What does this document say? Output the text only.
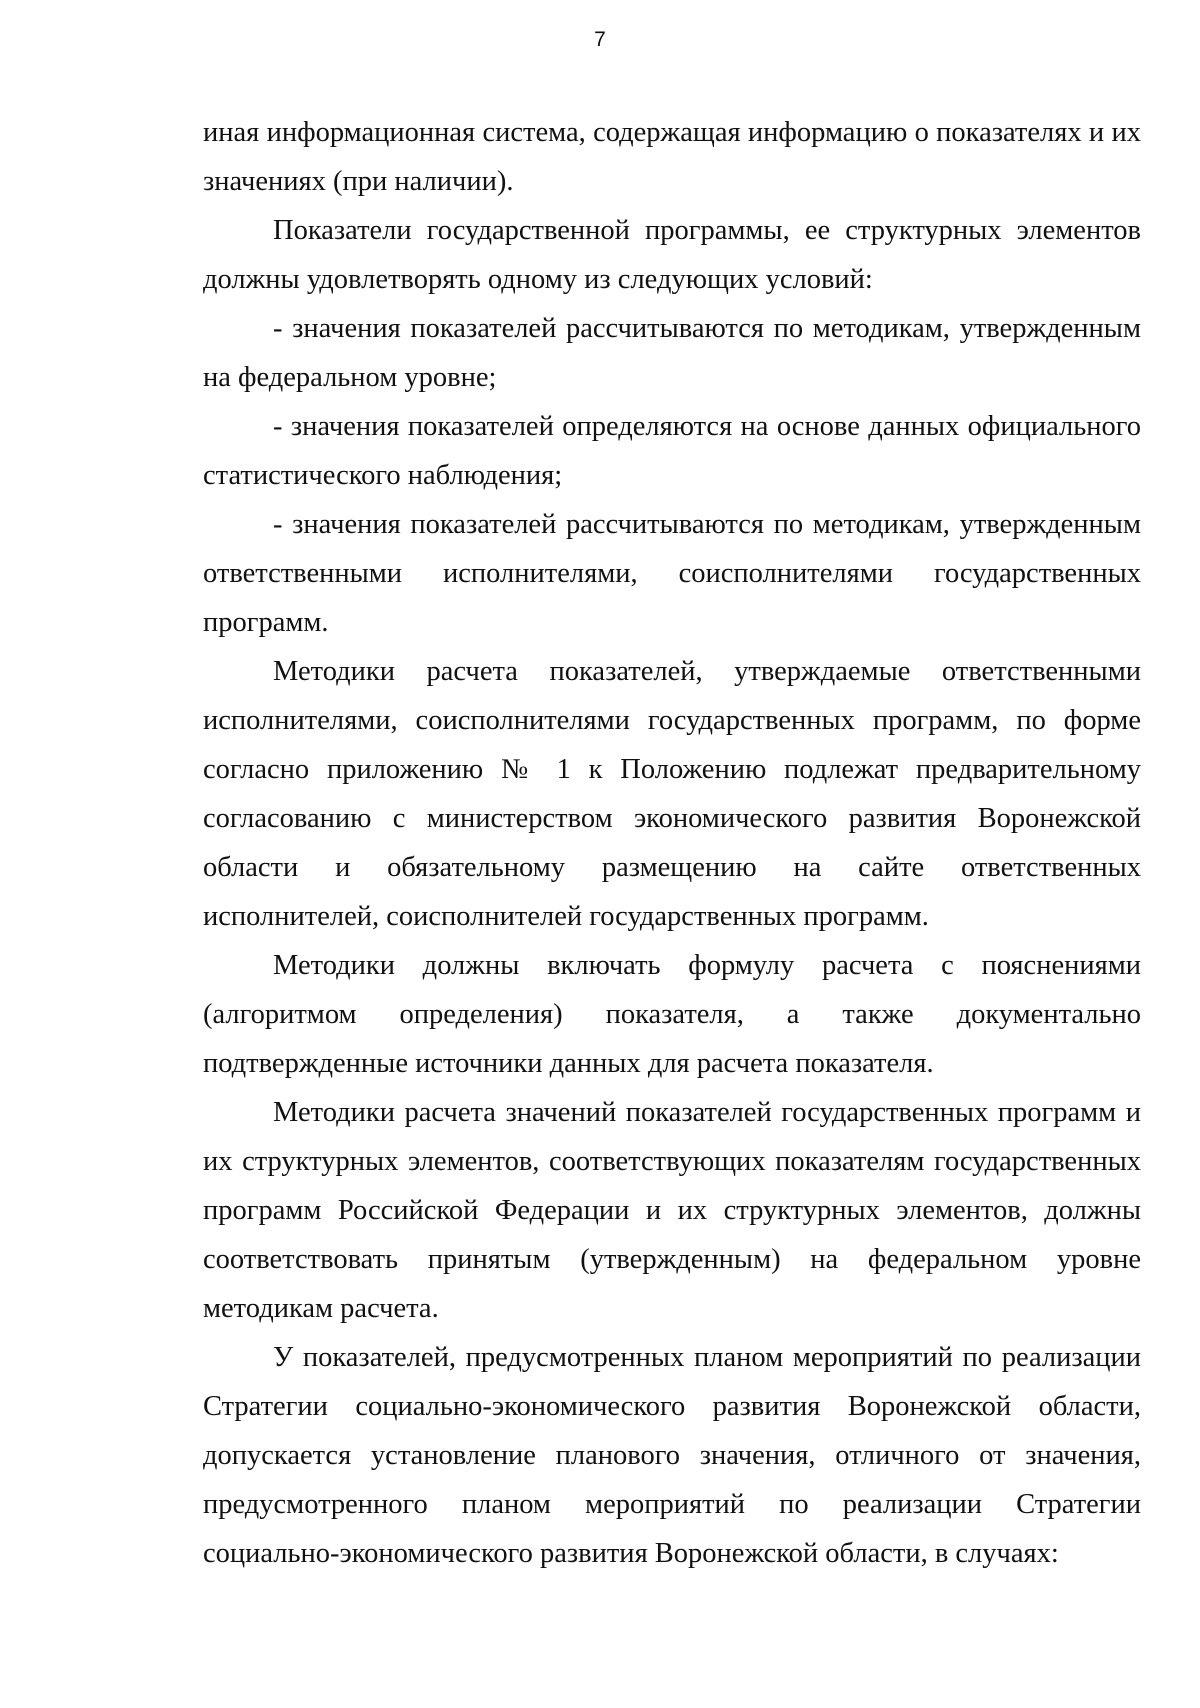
7

иная информационная система, содержащая информацию о показателях и их значениях (при наличии).

Показатели государственной программы, ее структурных элементов должны удовлетворять одному из следующих условий:

- значения показателей рассчитываются по методикам, утвержденным на федеральном уровне;

- значения показателей определяются на основе данных официального статистического наблюдения;

- значения показателей рассчитываются по методикам, утвержденным ответственными исполнителями, соисполнителями государственных программ.

Методики расчета показателей, утверждаемые ответственными исполнителями, соисполнителями государственных программ, по форме согласно приложению № 1 к Положению подлежат предварительному согласованию с министерством экономического развития Воронежской области и обязательному размещению на сайте ответственных исполнителей, соисполнителей государственных программ.

Методики должны включать формулу расчета с пояснениями (алгоритмом определения) показателя, а также документально подтвержденные источники данных для расчета показателя.

Методики расчета значений показателей государственных программ и их структурных элементов, соответствующих показателям государственных программ Российской Федерации и их структурных элементов, должны соответствовать принятым (утвержденным) на федеральном уровне методикам расчета.

У показателей, предусмотренных планом мероприятий по реализации Стратегии социально-экономического развития Воронежской области, допускается установление планового значения, отличного от значения, предусмотренного планом мероприятий по реализации Стратегии социально-экономического развития Воронежской области, в случаях:
